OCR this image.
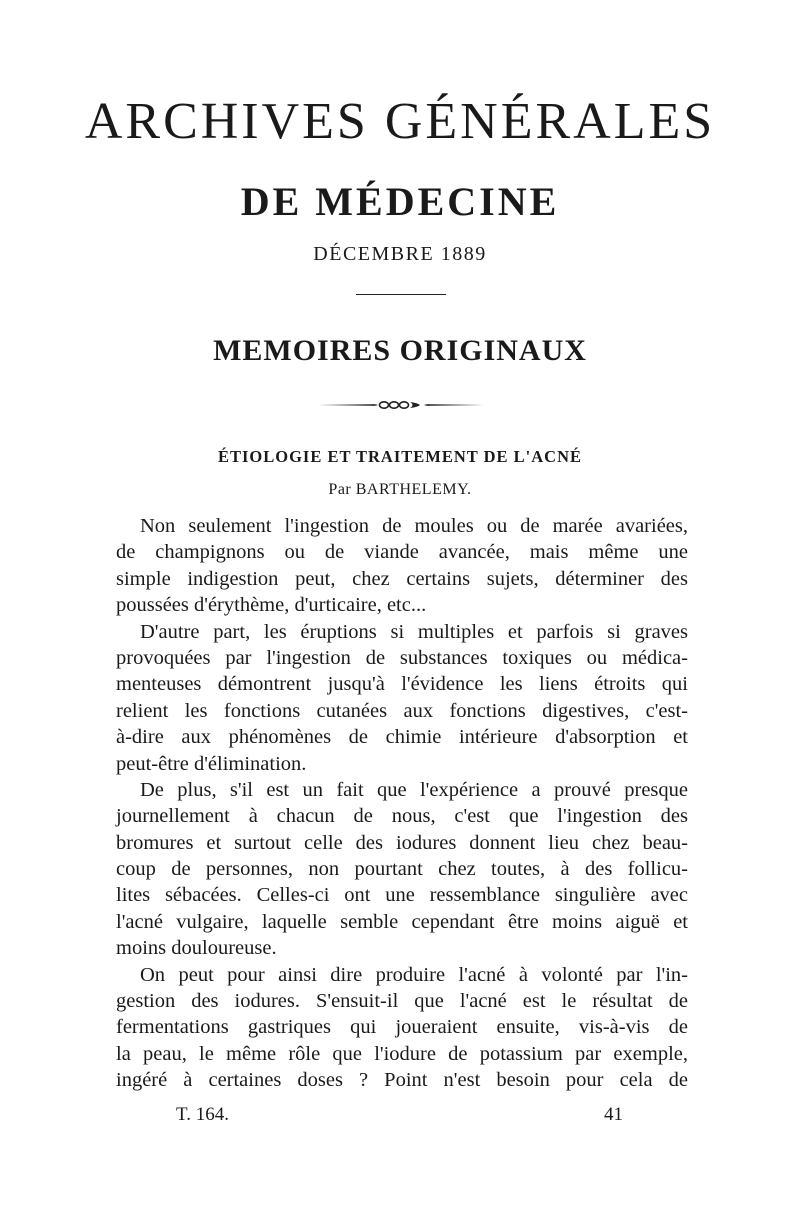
ARCHIVES GÉNÉRALES
DE MÉDECINE
DÉCEMBRE 1889
MEMOIRES ORIGINAUX
ÉTIOLOGIE ET TRAITEMENT DE L'ACNÉ
Par BARTHELEMY.
Non seulement l'ingestion de moules ou de marée avariées,
de champignons ou de viande avancée, mais même une
simple indigestion peut, chez certains sujets, déterminer des
poussées d'érythème, d'urticaire, etc...
D'autre part, les éruptions si multiples et parfois si graves
provoquées par l'ingestion de substances toxiques ou médica-
menteuses démontrent jusqu'à l'évidence les liens étroits qui
relient les fonctions cutanées aux fonctions digestives, c'est-
à-dire aux phénomènes de chimie intérieure d'absorption et
peut-être d'élimination.
De plus, s'il est un fait que l'expérience a prouvé presque
journellement à chacun de nous, c'est que l'ingestion des
bromures et surtout celle des iodures donnent lieu chez beau-
coup de personnes, non pourtant chez toutes, à des follicu-
lites sébacées. Celles-ci ont une ressemblance singulière avec
l'acné vulgaire, laquelle semble cependant être moins aiguë et
moins douloureuse.
On peut pour ainsi dire produire l'acné à volonté par l'in-
gestion des iodures. S'ensuit-il que l'acné est le résultat de
fermentations gastriques qui joueraient ensuite, vis-à-vis de
la peau, le même rôle que l'iodure de potassium par exemple,
ingéré à certaines doses ? Point n'est besoin pour cela de
T. 164.	41
